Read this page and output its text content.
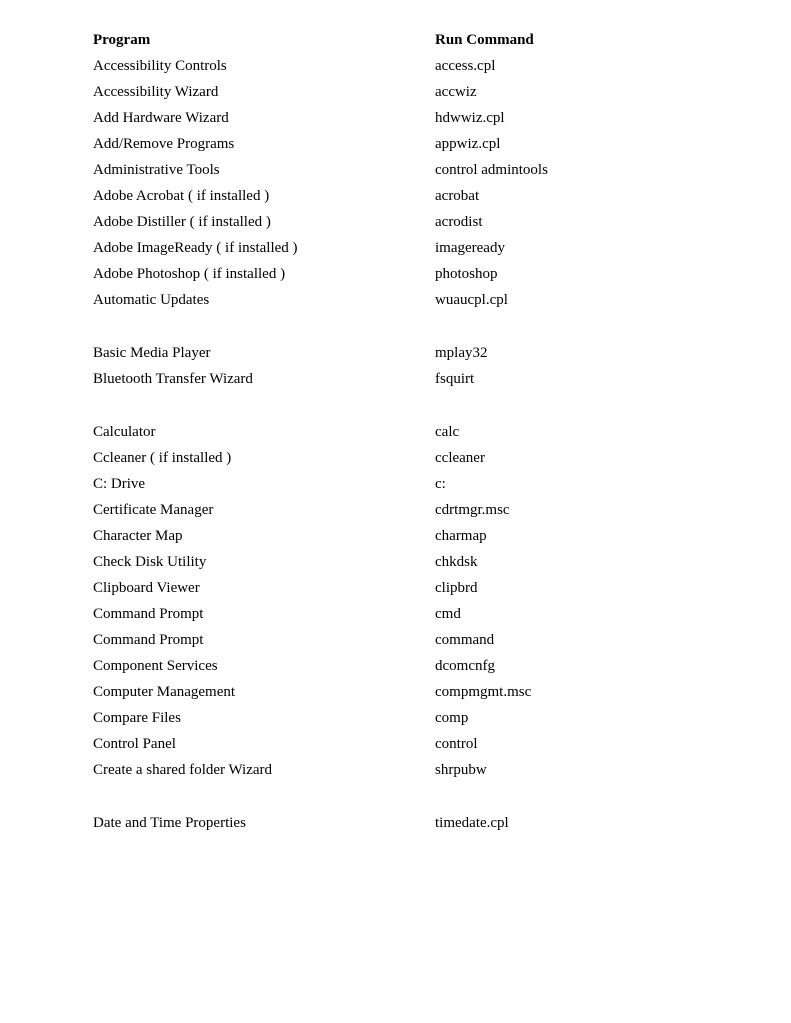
Program	Run Command
Accessibility Controls	access.cpl
Accessibility Wizard	accwiz
Add Hardware Wizard	hdwwiz.cpl
Add/Remove Programs	appwiz.cpl
Administrative Tools	control admintools
Adobe Acrobat ( if installed )	acrobat
Adobe Distiller ( if installed )	acrodist
Adobe ImageReady ( if installed )	imageready
Adobe Photoshop ( if installed )	photoshop
Automatic Updates	wuaucpl.cpl
Basic Media Player	mplay32
Bluetooth Transfer Wizard	fsquirt
Calculator	calc
Ccleaner ( if installed )	ccleaner
C: Drive	c:
Certificate Manager	cdrtmgr.msc
Character Map	charmap
Check Disk Utility	chkdsk
Clipboard Viewer	clipbrd
Command Prompt	cmd
Command Prompt	command
Component Services	dcomcnfg
Computer Management	compmgmt.msc
Compare Files	comp
Control Panel	control
Create a shared folder Wizard	shrpubw
Date and Time Properties	timedate.cpl
